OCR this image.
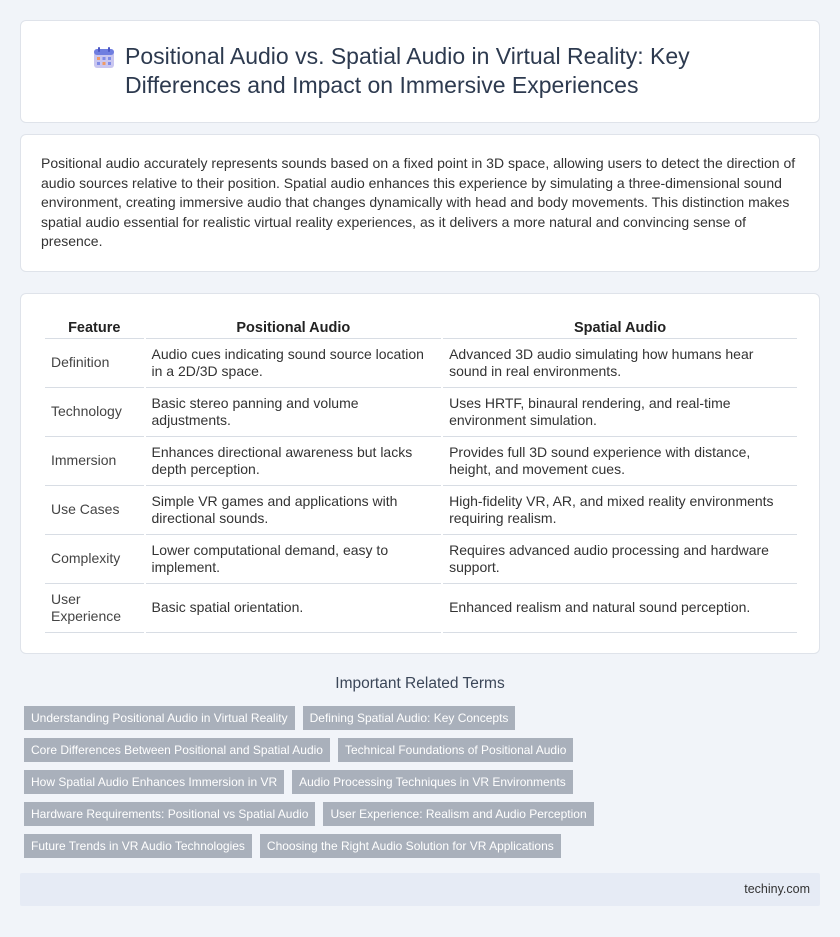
Positional Audio vs. Spatial Audio in Virtual Reality: Key Differences and Impact on Immersive Experiences

Positional audio accurately represents sounds based on a fixed point in 3D space, allowing users to detect the direction of audio sources relative to their position. Spatial audio enhances this experience by simulating a three-dimensional sound environment, creating immersive audio that changes dynamically with head and body movements. This distinction makes spatial audio essential for realistic virtual reality experiences, as it delivers a more natural and convincing sense of presence.

Feature	Positional Audio	Spatial Audio
Definition	Audio cues indicating sound source location in a 2D/3D space.	Advanced 3D audio simulating how humans hear sound in real environments.
Technology	Basic stereo panning and volume adjustments.	Uses HRTF, binaural rendering, and real-time environment simulation.
Immersion	Enhances directional awareness but lacks depth perception.	Provides full 3D sound experience with distance, height, and movement cues.
Use Cases	Simple VR games and applications with directional sounds.	High-fidelity VR, AR, and mixed reality environments requiring realism.
Complexity	Lower computational demand, easy to implement.	Requires advanced audio processing and hardware support.
User Experience	Basic spatial orientation.	Enhanced realism and natural sound perception.
Important Related Terms
Understanding Positional Audio in Virtual Reality	Defining Spatial Audio: Key Concepts
Core Differences Between Positional and Spatial Audio	Technical Foundations of Positional Audio
How Spatial Audio Enhances Immersion in VR	Audio Processing Techniques in VR Environments
Hardware Requirements: Positional vs Spatial Audio	User Experience: Realism and Audio Perception
Future Trends in VR Audio Technologies	Choosing the Right Audio Solution for VR Applications
techiny.com
